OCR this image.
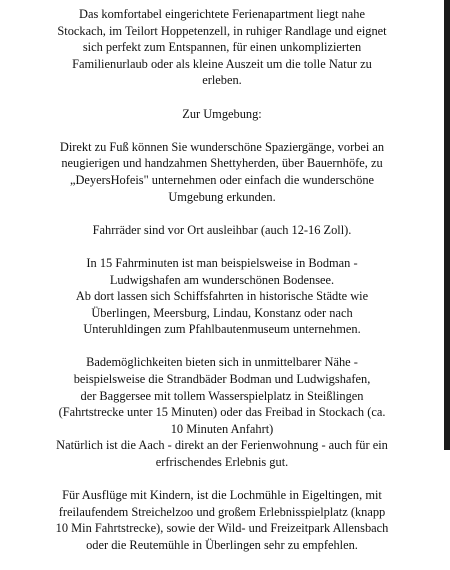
Das komfortabel eingerichtete Ferienapartment liegt nahe
Stockach, im Teilort Hoppetenzell, in ruhiger Randlage und eignet
sich perfekt zum Entspannen, für einen unkomplizierten
Familienurlaub oder als kleine Auszeit um die tolle Natur zu
erleben.

Zur Umgebung:

Direkt zu Fuß können Sie wunderschöne Spaziergänge, vorbei an
neugierigen und handzahmen Shettyherden, über Bauernhöfe, zu
„DeyersHofeis" unternehmen oder einfach die wunderschöne
Umgebung erkunden.

Fahrräder sind vor Ort ausleihbar (auch 12-16 Zoll).

In 15 Fahrminuten ist man beispielsweise in Bodman -
Ludwigshafen am wunderschönen Bodensee.
Ab dort lassen sich Schiffsfahrten in historische Städte wie
Überlingen, Meersburg, Lindau, Konstanz oder nach
Unteruhldingen zum Pfahlbautenmuseum unternehmen.

Bademöglichkeiten bieten sich in unmittelbarer Nähe -
beispielsweise die Strandbäder Bodman und Ludwigshafen,
der Baggersee mit tollem Wasserspielplatz in Steißlingen
(Fahrtstrecke unter 15 Minuten) oder das Freibad in Stockach (ca.
10 Minuten Anfahrt)

Natürlich ist die Aach - direkt an der Ferienwohnung - auch für ein
erfrischendes Erlebnis gut.

Für Ausflüge mit Kindern, ist die Lochmühle in Eigeltingen, mit
freilaufendem Streichelzoo und großem Erlebnisspielplatz (knapp
10 Min Fahrtstrecke), sowie der Wild- und Freizeitpark Allensbach
oder die Reutemühle in Überlingen sehr zu empfehlen.
